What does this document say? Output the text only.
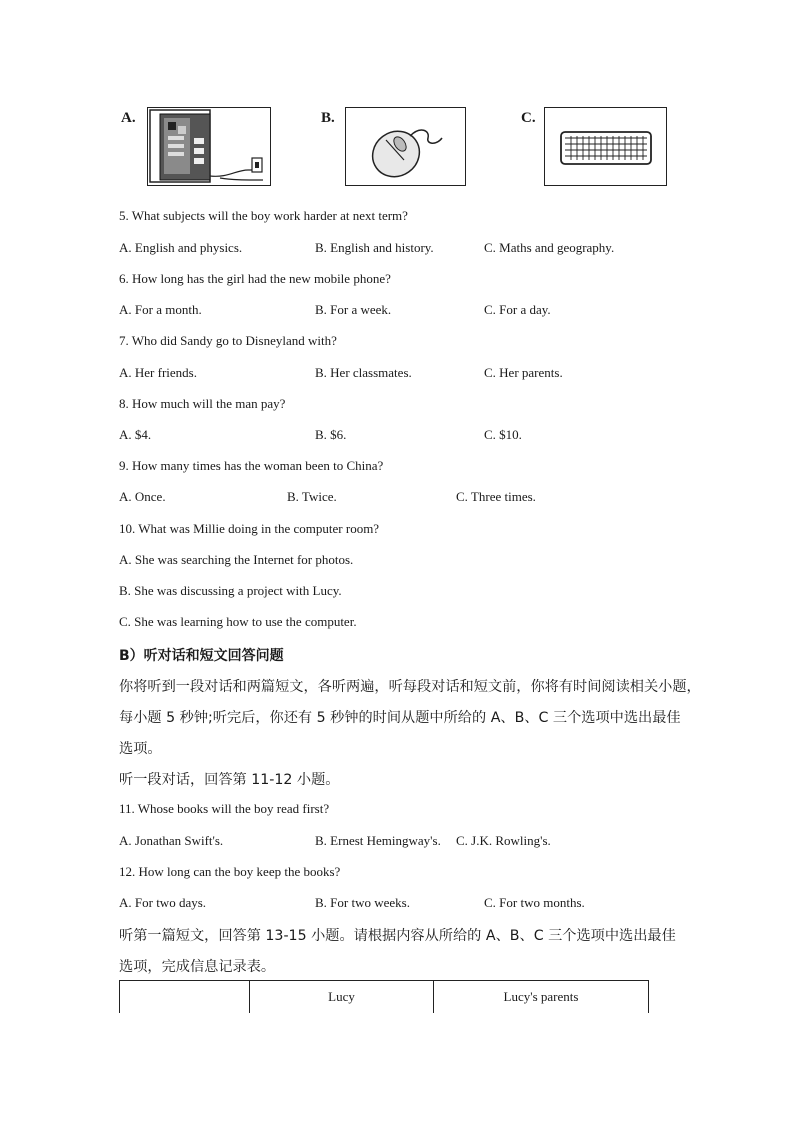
A.	B.	C.
5. What subjects will the boy work harder at next term?
A. English and physics.	B. English and history.	C. Maths and geography.
6. How long has the girl had the new mobile phone?
A. For a month.	B. For a week.	C. For a day.
7. Who did Sandy go to Disneyland with?
A. Her friends.	B. Her classmates.	C. Her parents.
8. How much will the man pay?
A. $4.	B. $6.	C. $10.
9. How many times has the woman been to China?
A. Once.	B. Twice.	C. Three times.
10. What was Millie doing in the computer room?
A. She was searching the Internet for photos.
B. She was discussing a project with Lucy.
C. She was learning how to use the computer.
B）听对话和短文回答问题
你将听到一段对话和两篇短文，各听两遍，听每段对话和短文前，你将有时间阅读相关小题，
每小题 5 秒钟;听完后，你还有 5 秒钟的时间从题中所给的 A、B、C 三个选项中选出最佳
选项。
听一段对话，回答第 11-12 小题。
11. Whose books will the boy read first?
A. Jonathan Swift's.	B. Ernest Hemingway's. C. J.K. Rowling's.
12. How long can the boy keep the books?
A. For two days.	B. For two weeks.	C. For two months.
听第一篇短文，回答第 13-15 小题。请根据内容从所给的 A、B、C 三个选项中选出最佳
选项，完成信息记录表。
	Lucy	Lucy's parents
